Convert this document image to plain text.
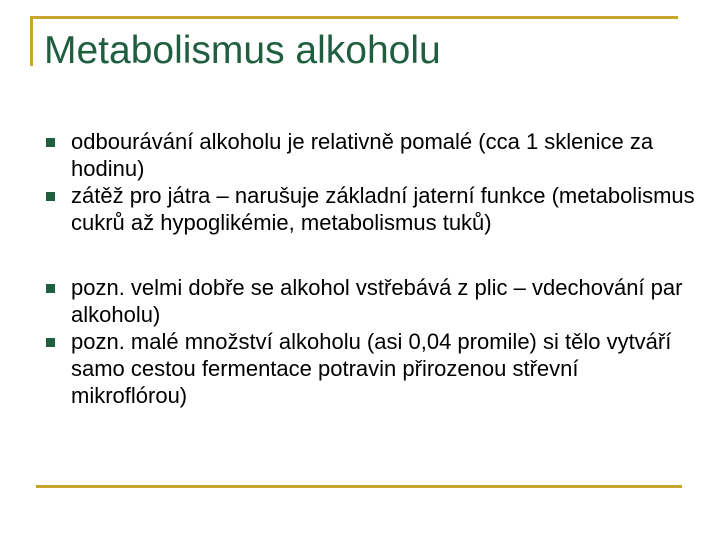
Metabolismus alkoholu
odbourávání alkoholu je relativně pomalé (cca 1 sklenice za hodinu)
zátěž pro játra – narušuje základní jaterní funkce (metabolismus cukrů až hypoglikémie, metabolismus tuků)
pozn. velmi dobře se alkohol vstřebává z plic – vdechování par alkoholu)
pozn. malé množství alkoholu (asi 0,04 promile) si tělo vytváří samo cestou fermentace potravin přirozenou střevní mikroflórou)
